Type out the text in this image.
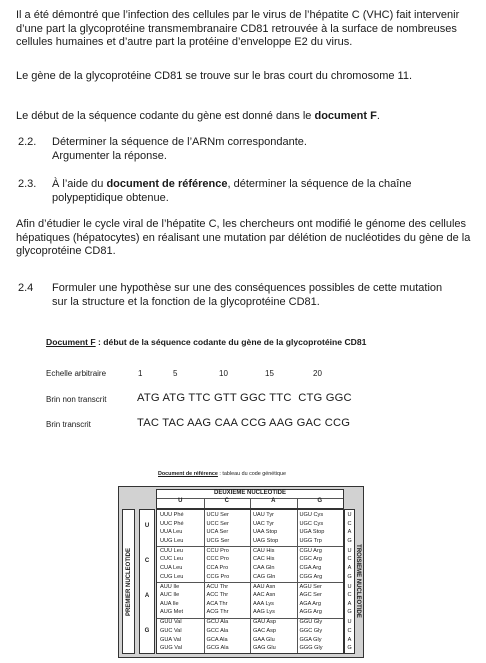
Il a été démontré que l’infection des cellules par le virus de l’hépatite C (VHC) fait intervenir d’une part la glycoprotéine transmembranaire CD81 retrouvée à la surface de nombreuses cellules humaines et d’autre part la protéine d’enveloppe E2 du virus.
Le gène de la glycoprotéine CD81 se trouve sur le bras court du chromosome 11.
Le début de la séquence codante du gène est donné dans le document F.
2.2. Déterminer la séquence de l’ARNm correspondante.
Argumenter la réponse.
2.3. À l’aide du document de référence, déterminer la séquence de la chaîne
polypeptidique obtenue.
Afin d’étudier le cycle viral de l’hépatite C, les chercheurs ont modifié le génome des cellules hépatiques (hépatocytes) en réalisant une mutation par délétion de nucléotides du gène de la glycoprotéine CD81.
2.4 Formuler une hypothèse sur une des conséquences possibles de cette mutation
sur la structure et la fonction de la glycoprotéine CD81.
Document F : début de la séquence codante du gène de la glycoprotéine CD81
Echelle arbitraire	1	5	10	15	20
Brin non transcrit	ATG ATG TTC GTT GGC TTC  CTG GGC
Brin transcrit	TAC TAC AAG CAA CCG AAG GAC CCG
Document de référence : tableau du code génétique
DEUXIEME NUCLEOTIDE
U	C	A	G
PREMIER NUCLEOTIDE
U
C
A
G
UUU Phé	UCU Ser	UAU Tyr	UGU Cys
UUC Phé	UCC Ser	UAC Tyr	UGC Cys
UUA Leu	UCA Ser	UAA Stop	UGA Stop
UUG Leu	UCG Ser	UAG Stop	UGG Trp
CUU Leu	CCU Pro	CAU His	CGU Arg
CUC Leu	CCC Pro	CAC His	CGC Arg
CUA Leu	CCA Pro	CAA Gln	CGA Arg
CUG Leu	CCG Pro	CAG Gln	CGG Arg
AUU Ile	ACU Thr	AAU Asn	AGU Ser
AUC Ile	ACC Thr	AAC Asn	AGC Ser
AUA Ile	ACA Thr	AAA Lys	AGA Arg
AUG Met	ACG Thr	AAG Lys	AGG Arg
GUU Val	GCU Ala	GAU Asp	GGU Gly
GUC Val	GCC Ala	GAC Asp	GGC Gly
GUA Val	GCA Ala	GAA Glu	GGA Gly
GUG Val	GCG Ala	GAG Glu	GGG Gly
U
C
A
G
U
C
A
G
U
C
A
G
U
C
A
G
TROISIEME NUCLEOTIDE
